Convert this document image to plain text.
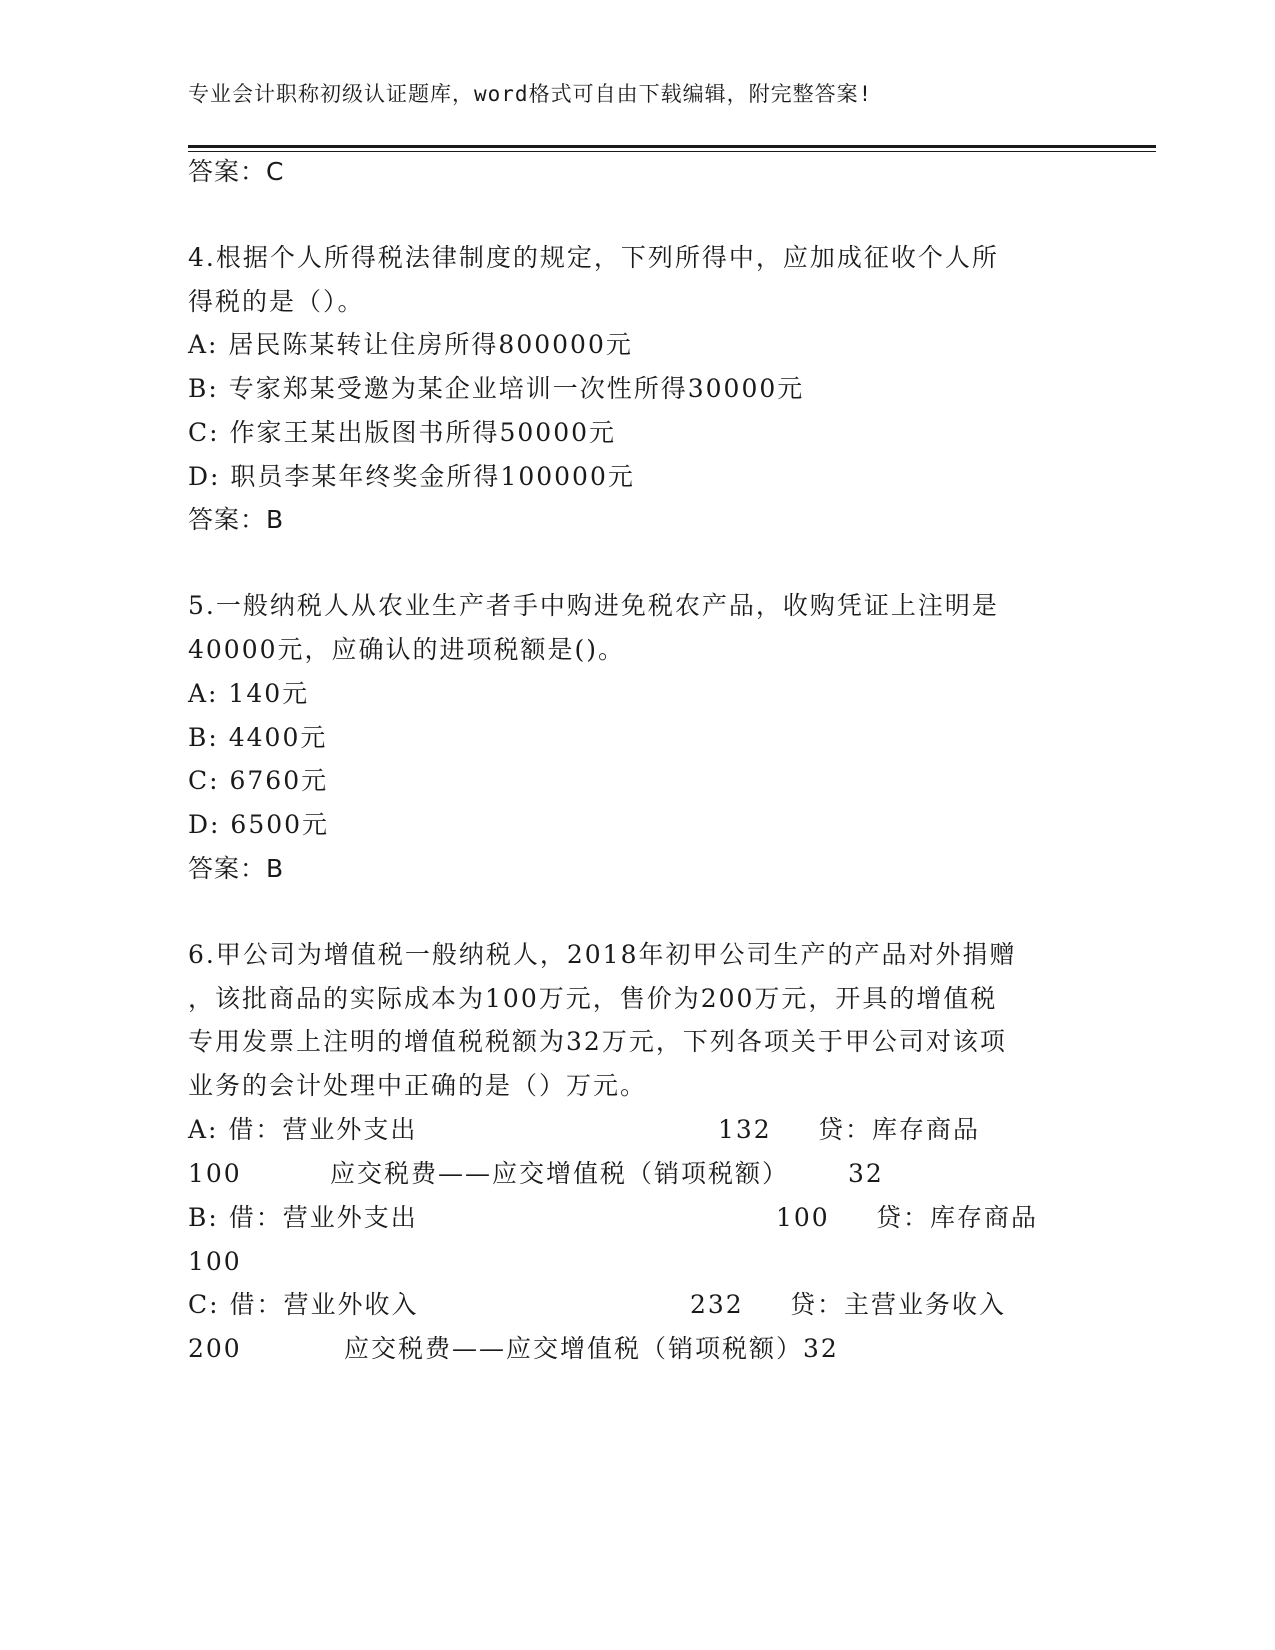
专业会计职称初级认证题库，word格式可自由下载编辑，附完整答案!
答案：C
4.根据个人所得税法律制度的规定，下列所得中，应加成征收个人所
得税的是（）。
A: 居民陈某转让住房所得800000元
B: 专家郑某受邀为某企业培训一次性所得30000元
C: 作家王某出版图书所得50000元
D: 职员李某年终奖金所得100000元
答案：B
5.一般纳税人从农业生产者手中购进免税农产品，收购凭证上注明是
40000元，应确认的进项税额是()。
A: 140元
B: 4400元
C: 6760元
D: 6500元
答案：B
6.甲公司为增值税一般纳税人，2018年初甲公司生产的产品对外捐赠
，该批商品的实际成本为100万元，售价为200万元，开具的增值税
专用发票上注明的增值税税额为32万元，下列各项关于甲公司对该项
业务的会计处理中正确的是（）万元。
A: 借：营业外支出	132 贷：库存商品
100	应交税费——应交增值税（销项税额） 32
B: 借：营业外支出	100 贷：库存商品
100
C: 借：营业外收入	232 贷：主营业务收入
200	应交税费——应交增值税（销项税额）32
